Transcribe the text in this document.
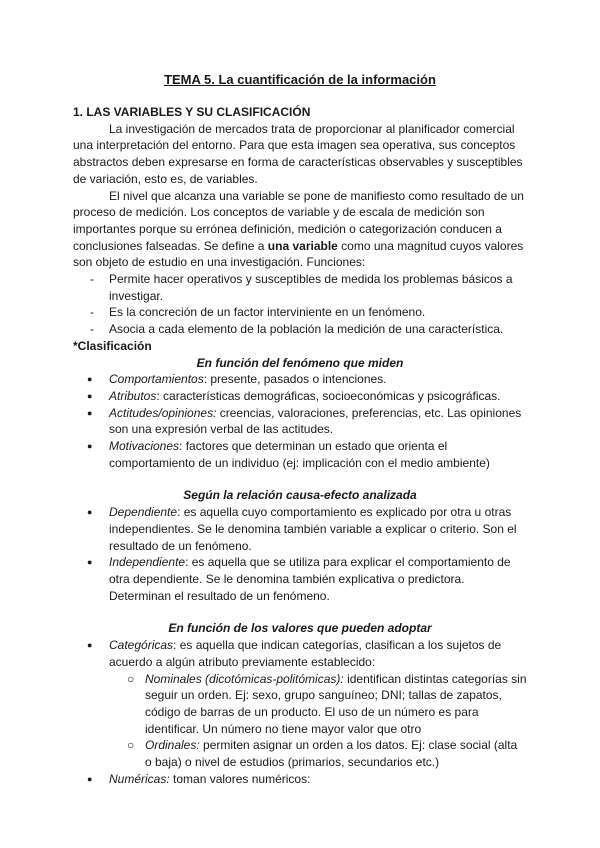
TEMA 5. La cuantificación de la información
1. LAS VARIABLES Y SU CLASIFICACIÓN

La investigación de mercados trata de proporcionar al planificador comercial una interpretación del entorno. Para que esta imagen sea operativa, sus conceptos abstractos deben expresarse en forma de características observables y susceptibles de variación, esto es, de variables.

El nivel que alcanza una variable se pone de manifiesto como resultado de un proceso de medición. Los conceptos de variable y de escala de medición son importantes porque su errónea definición, medición o categorización conducen a conclusiones falseadas. Se define a una variable como una magnitud cuyos valores son objeto de estudio en una investigación. Funciones:

- Permite hacer operativos y susceptibles de medida los problemas básicos a investigar.
- Es la concreción de un factor interviniente en un fenómeno.
- Asocia a cada elemento de la población la medición de una característica.
*Clasificación
En función del fenómeno que miden
● Comportamientos: presente, pasados o intenciones.
● Atributos: características demográficas, socioeconómicas y psicográficas.
● Actitudes/opiniones: creencias, valoraciones, preferencias, etc. Las opiniones son una expresión verbal de las actitudes.
● Motivaciones: factores que determinan un estado que orienta el comportamiento de un individuo (ej: implicación con el medio ambiente)
Según la relación causa-efecto analizada
● Dependiente: es aquella cuyo comportamiento es explicado por otra u otras independientes. Se le denomina también variable a explicar o criterio. Son el resultado de un fenómeno.
● Independiente: es aquella que se utiliza para explicar el comportamiento de otra dependiente. Se le denomina también explicativa o predictora. Determinan el resultado de un fenómeno.
En función de los valores que pueden adoptar
● Categóricas: es aquella que indican categorías, clasifican a los sujetos de acuerdo a algún atributo previamente establecido:
○ Nominales (dicotómicas-politómicas): identifican distintas categorías sin seguir un orden. Ej: sexo, grupo sanguíneo; DNI; tallas de zapatos, código de barras de un producto. El uso de un número es para identificar. Un número no tiene mayor valor que otro
○ Ordinales: permiten asignar un orden a los datos. Ej: clase social (alta o baja) o nivel de estudios (primarios, secundarios etc.)
● Numéricas: toman valores numéricos:
